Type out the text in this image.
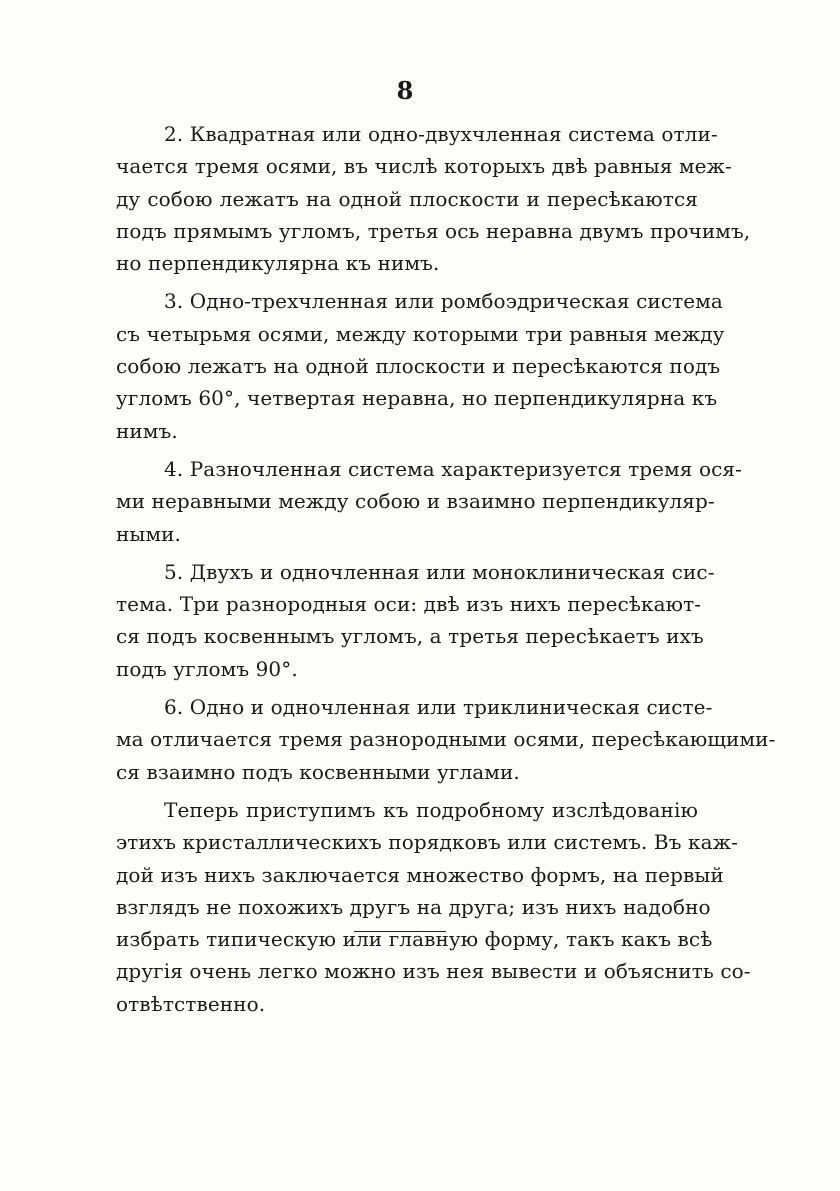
8
2. Квадратная или одно-двухчленная система отли-
чается тремя осями, въ числѣ которыхъ двѣ равныя меж-
ду собою лежатъ на одной плоскости и пересѣкаются
подъ прямымъ угломъ, третья ось неравна двумъ прочимъ,
но перпендикулярна къ нимъ.
3. Одно-трехчленная или ромбоэдрическая система
съ четырьмя осями, между которыми три равныя между
собою лежатъ на одной плоскости и пересѣкаются подъ
угломъ 60°, четвертая неравна, но перпендикулярна къ
нимъ.
4. Разночленная система характеризуется тремя ося-
ми неравными между собою и взаимно перпендикуляр-
ными.
5. Двухъ и одночленная или моноклиническая сис-
тема. Три разнородныя оси: двѣ изъ нихъ пересѣкают-
ся подъ косвеннымъ угломъ, а третья пересѣкаетъ ихъ
подъ угломъ 90°.
6. Одно и одночленная или триклиническая систе-
ма отличается тремя разнородными осями, пересѣкающими-
ся взаимно подъ косвенными углами.
Теперь приступимъ къ подробному изслѣдованію
этихъ кристаллическихъ порядковъ или системъ. Въ каж-
дой изъ нихъ заключается множество формъ, на первый
взглядъ не похожихъ другъ на друга; изъ нихъ надобно
избрать типическую или главную форму, такъ какъ всѣ
другія очень легко можно изъ нея вывести и объяснить со-
отвѣтственно.
